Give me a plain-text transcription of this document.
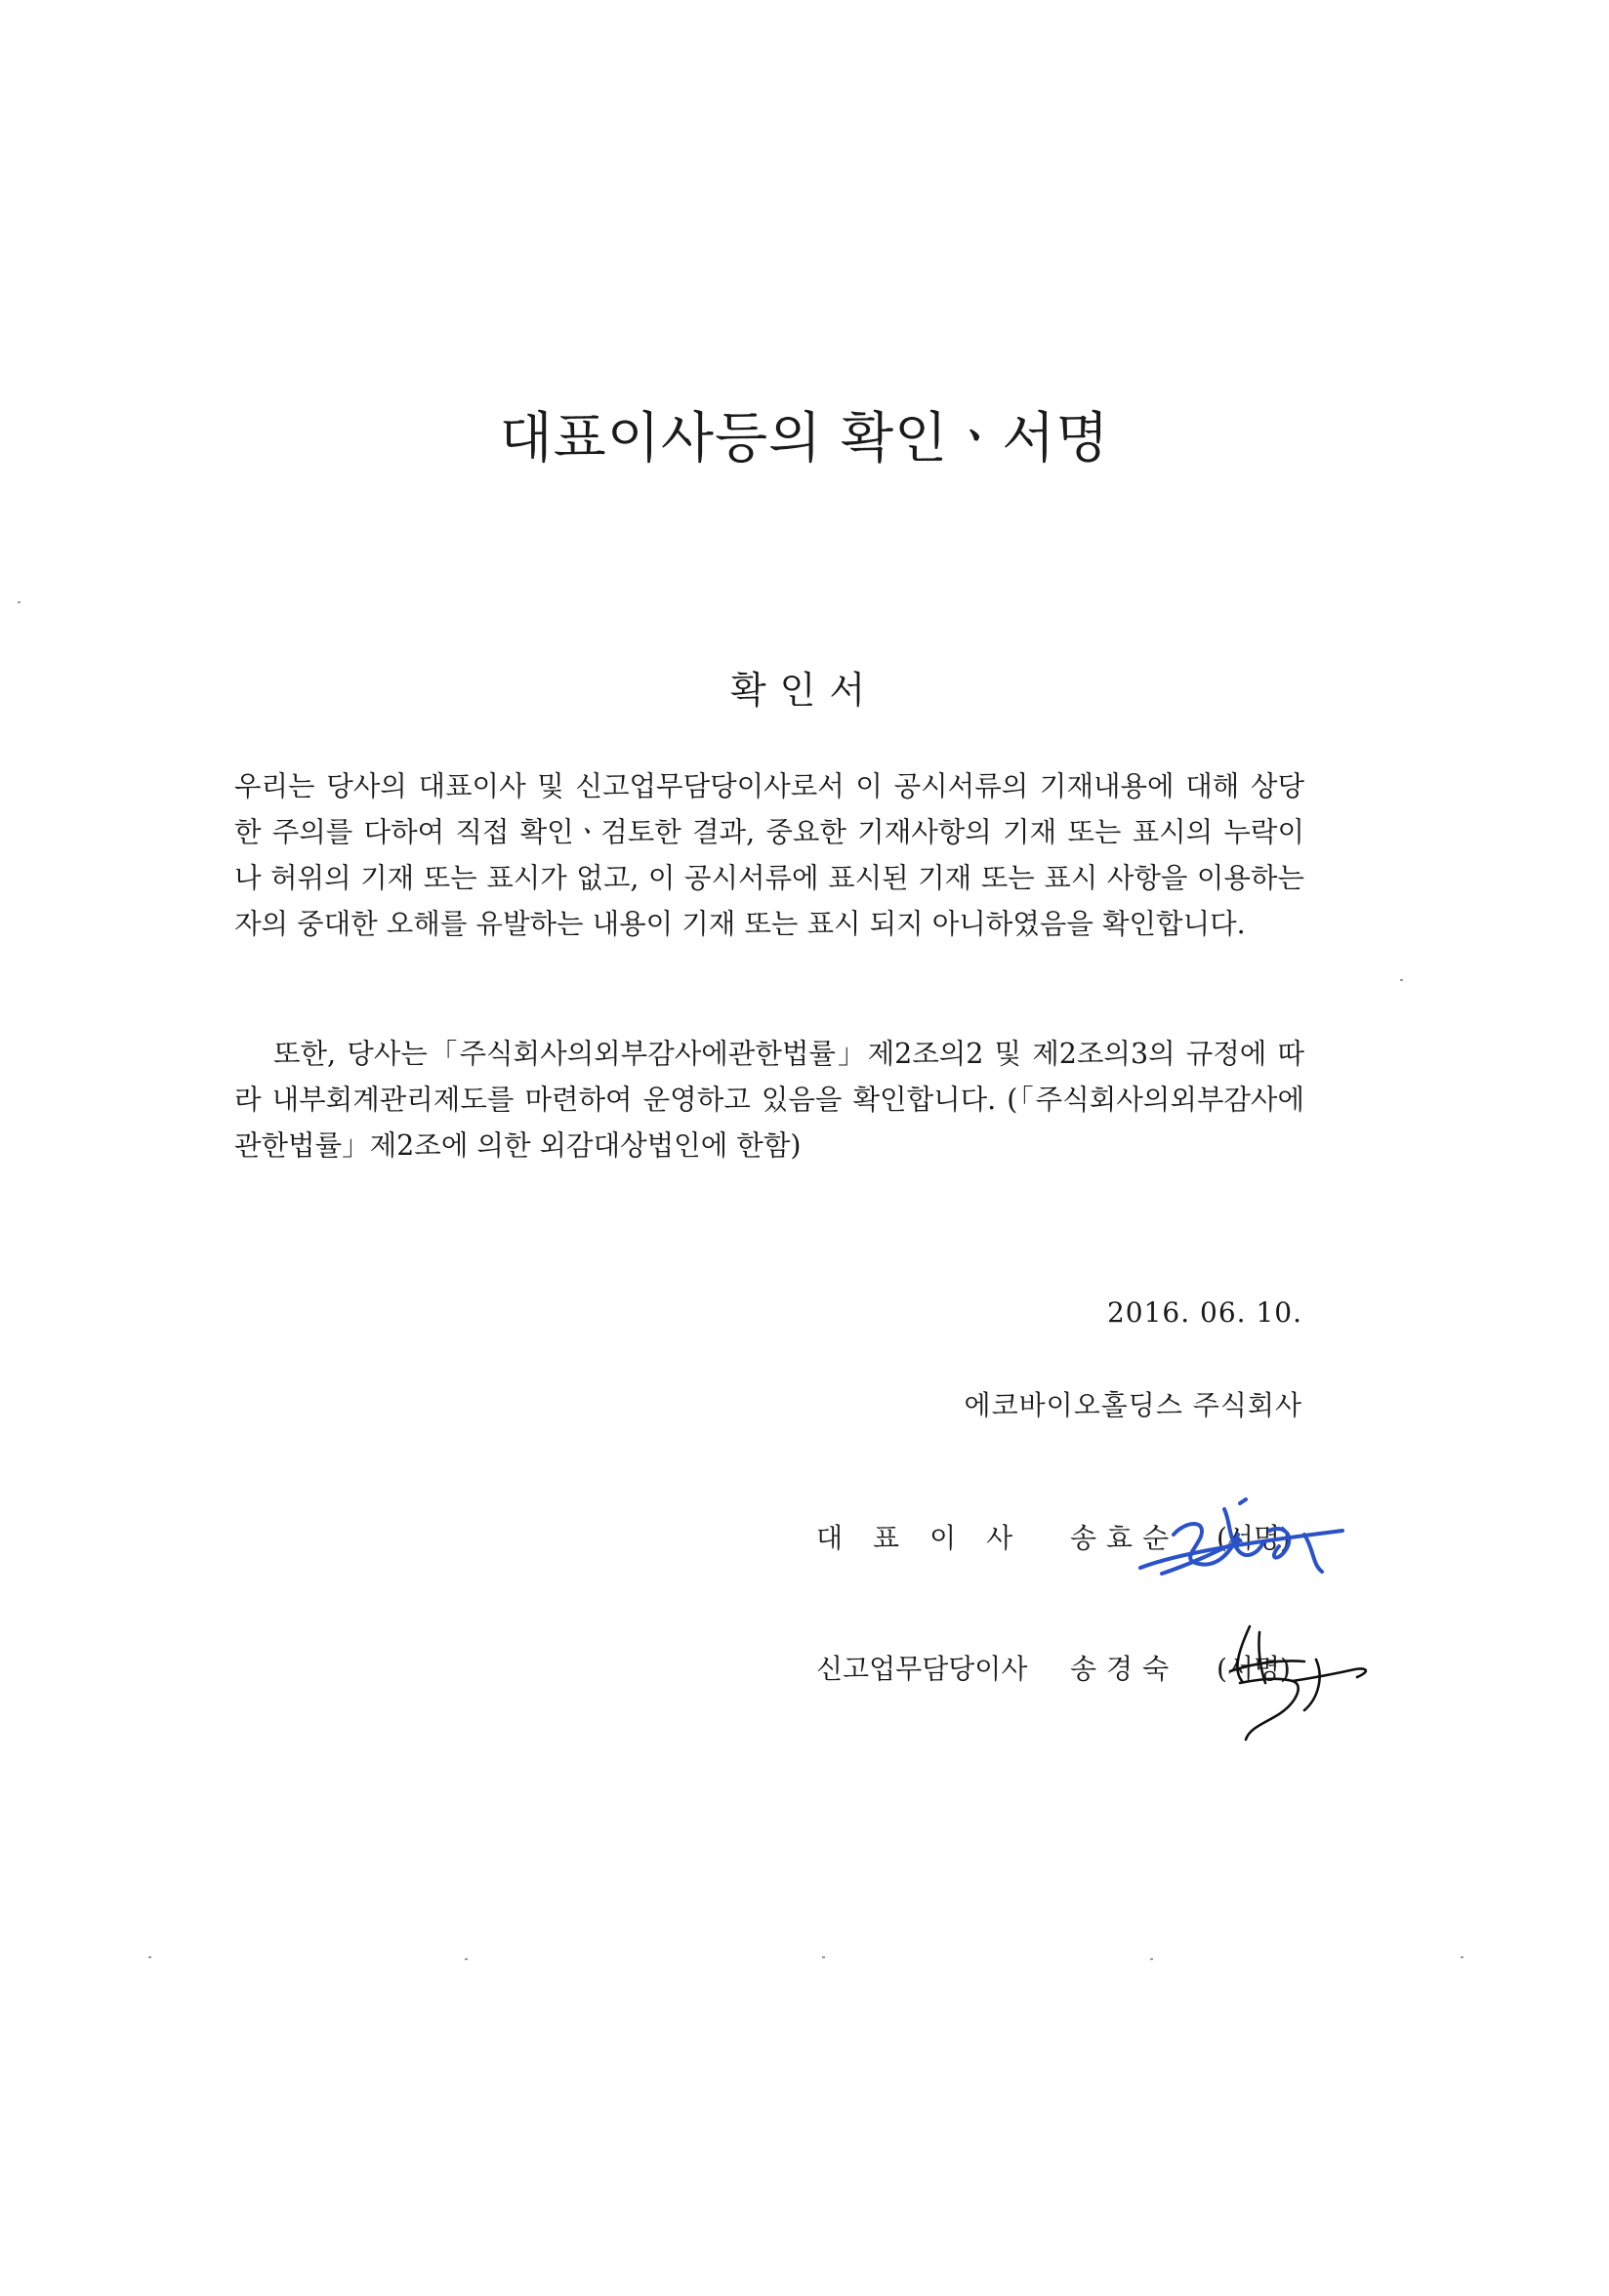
대표이사등의 확인ㆍ서명
확인서
우리는 당사의 대표이사 및 신고업무담당이사로서 이 공시서류의 기재내용에 대해 상당한 주의를 다하여 직접 확인ㆍ검토한 결과, 중요한 기재사항의 기재 또는 표시의 누락이나 허위의 기재 또는 표시가 없고, 이 공시서류에 표시된 기재 또는 표시 사항을 이용하는 자의 중대한 오해를 유발하는 내용이 기재 또는 표시 되지 아니하였음을 확인합니다.
또한, 당사는「주식회사의외부감사에관한법률」제2조의2 및 제2조의3의 규정에 따라 내부회계관리제도를 마련하여 운영하고 있음을 확인합니다. (「주식회사의외부감사에 관한법률」제2조에 의한 외감대상법인에 한함)
2016. 06. 10.
에코바이오홀딩스 주식회사
대표이사 송효순 (서명)
신고업무담당이사 송경숙 (서명)
